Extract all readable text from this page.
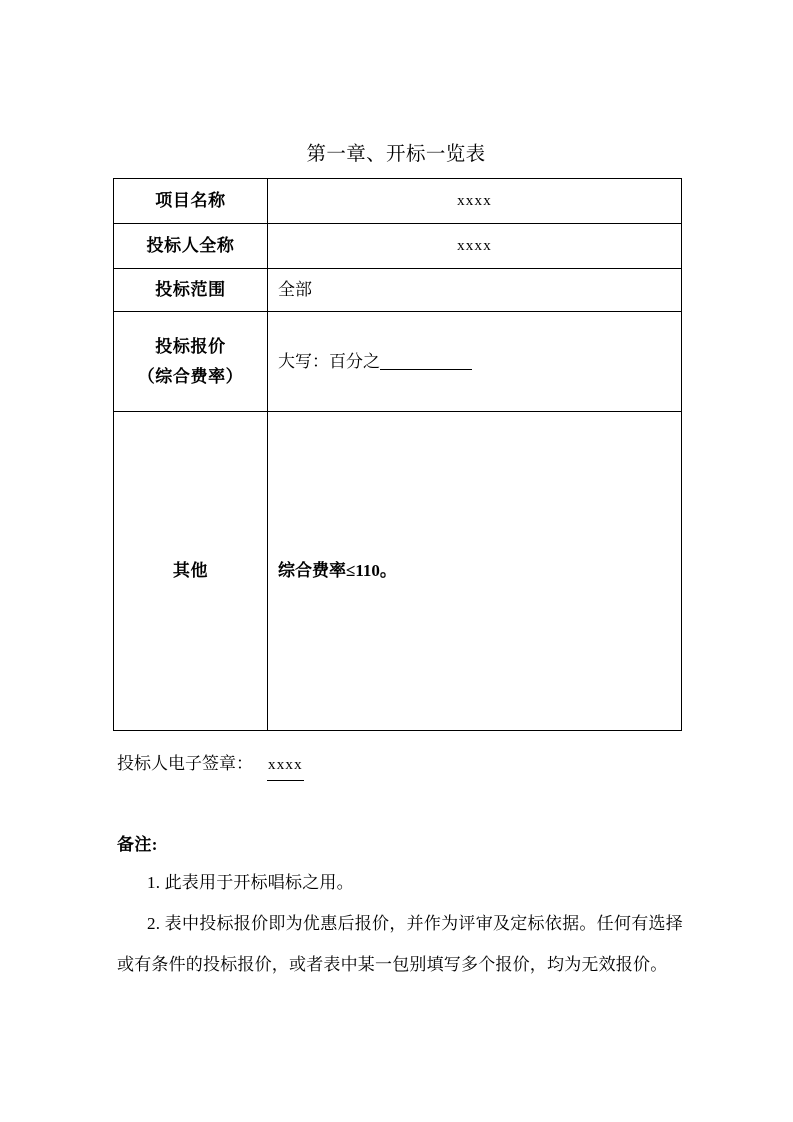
第一章、开标一览表
项目名称	xxxx

投标人全称	xxxx

投标范围	全部

投标报价
（综合费率）	大写：百分之

其他	综合费率≤110。
投标人电子签章： xxxx
备注:
1. 此表用于开标唱标之用。
2. 表中投标报价即为优惠后报价，并作为评审及定标依据。任何有选择或有条件的投标报价，或者表中某一包别填写多个报价，均为无效报价。
